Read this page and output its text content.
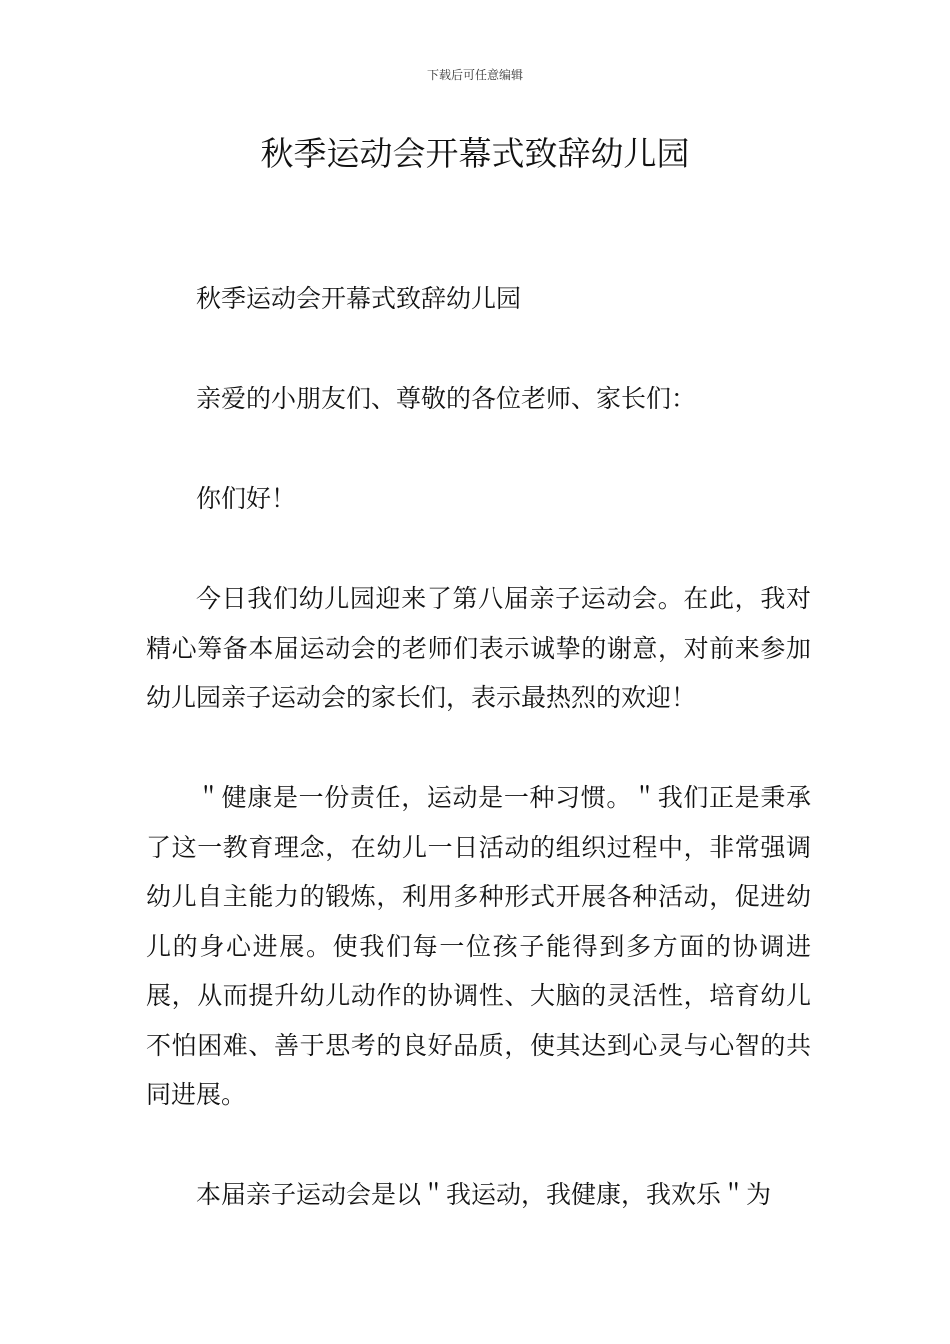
下载后可任意编辑
秋季运动会开幕式致辞幼儿园

秋季运动会开幕式致辞幼儿园

亲爱的小朋友们、尊敬的各位老师、家长们：

你们好！

今日我们幼儿园迎来了第八届亲子运动会。在此，我对精心筹备本届运动会的老师们表示诚挚的谢意，对前来参加幼儿园亲子运动会的家长们，表示最热烈的欢迎！

＂健康是一份责任，运动是一种习惯。＂我们正是秉承了这一教育理念，在幼儿一日活动的组织过程中，非常强调幼儿自主能力的锻炼，利用多种形式开展各种活动，促进幼儿的身心进展。使我们每一位孩子能得到多方面的协调进展，从而提升幼儿动作的协调性、大脑的灵活性，培育幼儿不怕困难、善于思考的良好品质，使其达到心灵与心智的共同进展。

本届亲子运动会是以＂我运动，我健康，我欢乐＂为
